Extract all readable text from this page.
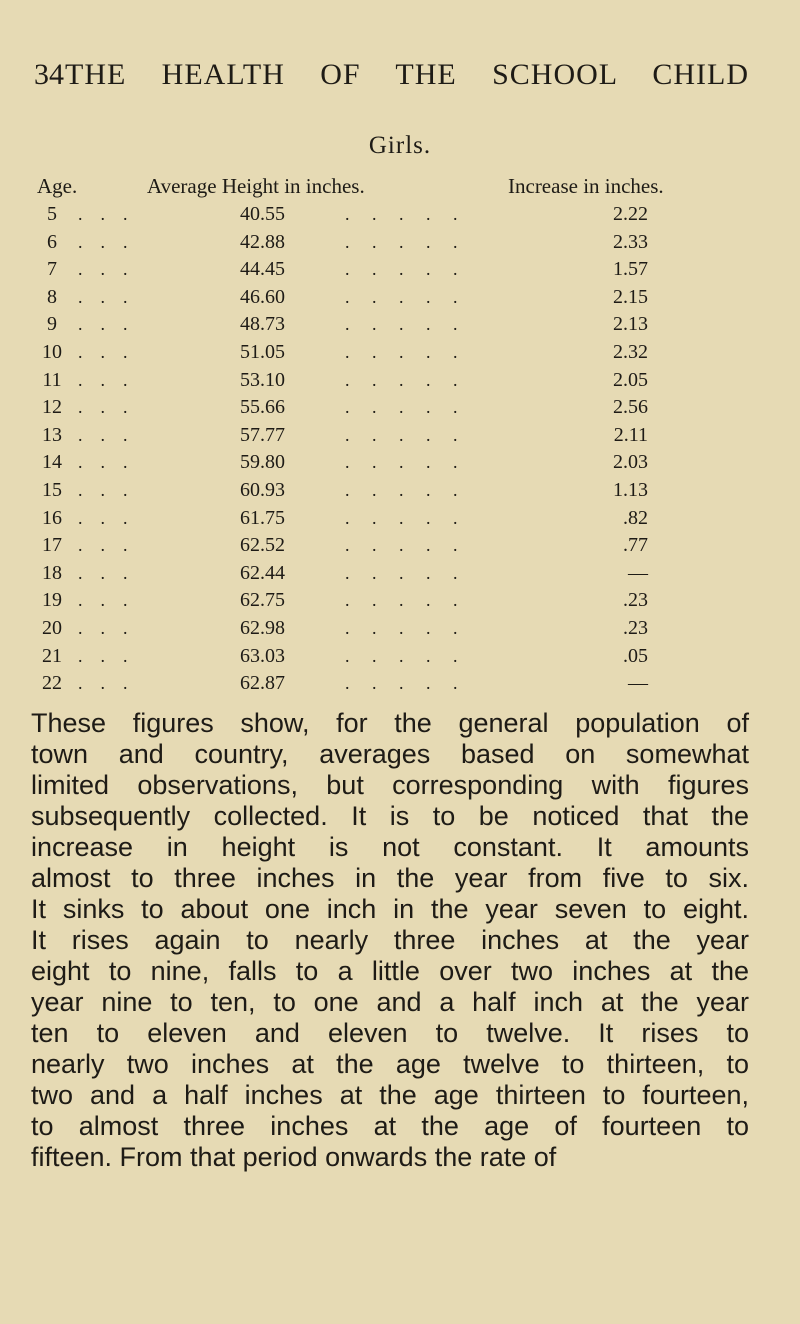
34 THE HEALTH OF THE SCHOOL CHILD
Girls.
Age.	Average Height in inches.	Increase in inches.
5 .    .    .	40.55	.     .     .     .     .	2.22
6 .    .    .	42.88	.     .     .     .     .	2.33
7 .    .    .	44.45	.     .     .     .     .	1.57
8 .    .    .	46.60	.     .     .     .     .	2.15
9 .    .    .	48.73	.     .     .     .     .	2.13
10 .    .    .	51.05	.     .     .     .     .	2.32
11 .    .    .	53.10	.     .     .     .     .	2.05
12 .    .    .	55.66	.     .     .     .     .	2.56
13 .    .    .	57.77	.     .     .     .     .	2.11
14 .    .    .	59.80	.     .     .     .     .	2.03
15 .    .    .	60.93	.     .     .     .     .	1.13
16 .    .    .	61.75	.     .     .     .     .	.82
17 .    .    .	62.52	.     .     .     .     .	.77
18 .    .    .	62.44	.     .     .     .     .	—
19 .    .    .	62.75	.     .     .     .     .	.23
20 .    .    .	62.98	.     .     .     .     .	.23
21 .    .    .	63.03	.     .     .     .     .	.05
22 .    .    .	62.87	.     .     .     .     .	—
These figures show, for the general population of
town and country, averages based on somewhat
limited observations, but corresponding with figures
subsequently collected. It is to be noticed that the
increase in height is not constant. It amounts
almost to three inches in the year from five to six.
It sinks to about one inch in the year seven to eight.
It rises again to nearly three inches at the year
eight to nine, falls to a little over two inches at the
year nine to ten, to one and a half inch at the year
ten to eleven and eleven to twelve. It rises to
nearly two inches at the age twelve to thirteen, to
two and a half inches at the age thirteen to fourteen,
to almost three inches at the age of fourteen to
fifteen. From that period onwards the rate of
